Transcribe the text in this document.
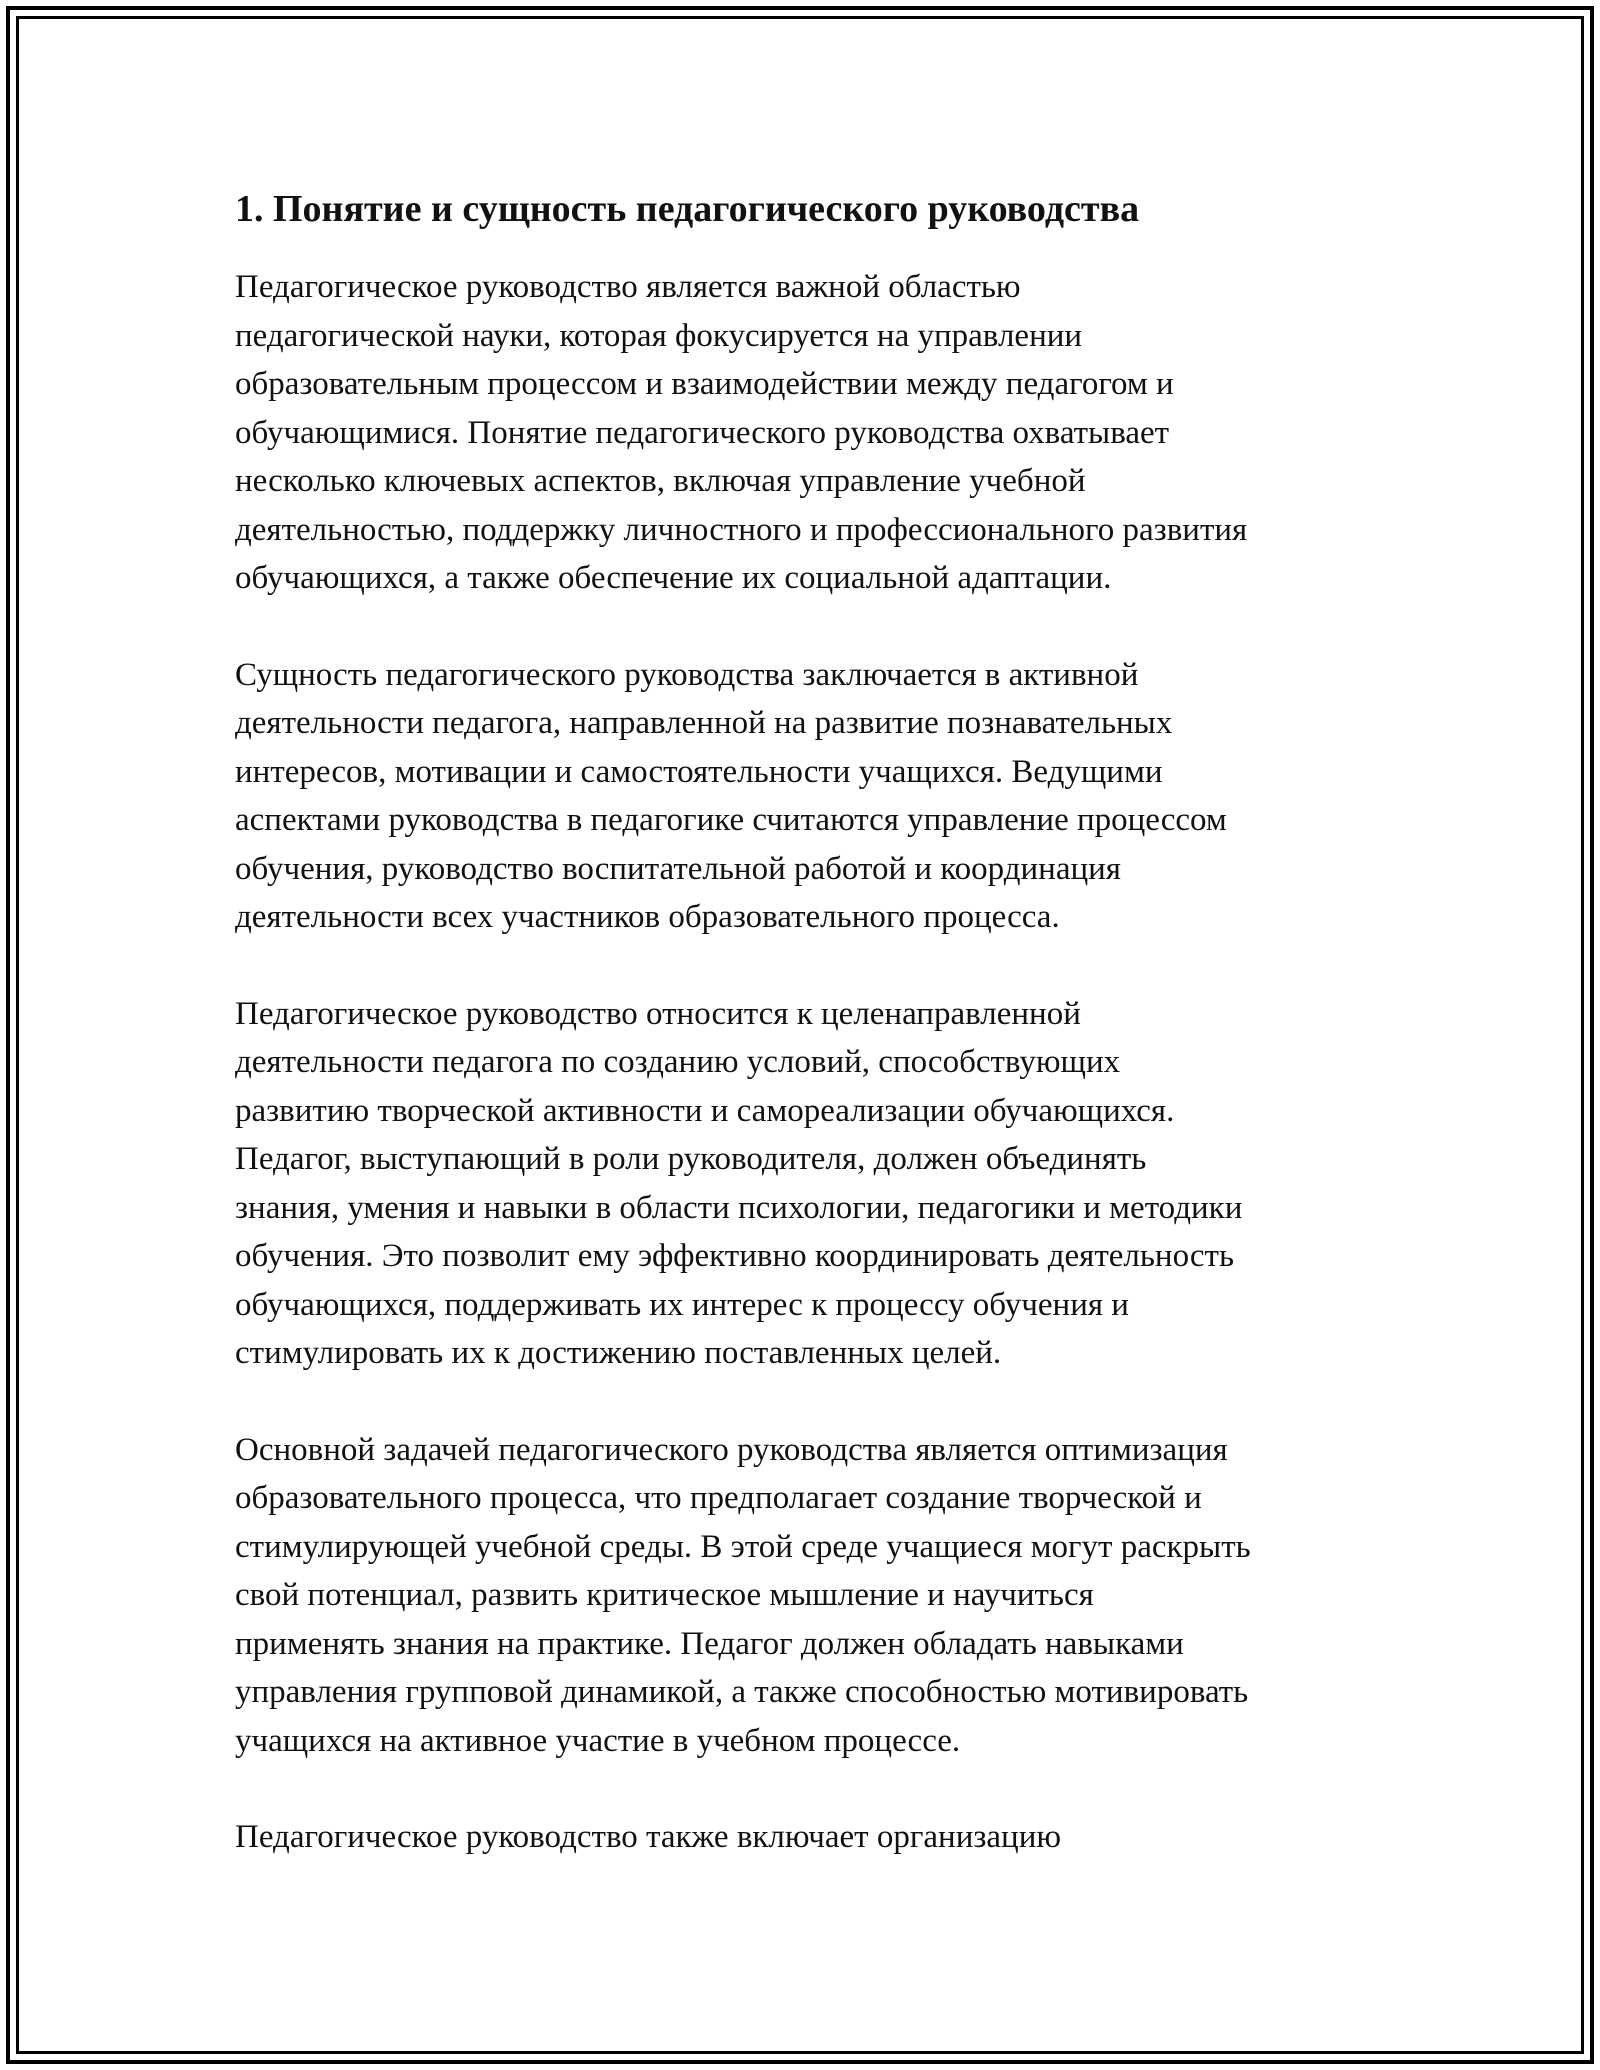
1. Понятие и сущность педагогического руководства

Педагогическое руководство является важной областью
педагогической науки, которая фокусируется на управлении
образовательным процессом и взаимодействии между педагогом и
обучающимися. Понятие педагогического руководства охватывает
несколько ключевых аспектов, включая управление учебной
деятельностью, поддержку личностного и профессионального развития
обучающихся, а также обеспечение их социальной адаптации.

Сущность педагогического руководства заключается в активной
деятельности педагога, направленной на развитие познавательных
интересов, мотивации и самостоятельности учащихся. Ведущими
аспектами руководства в педагогике считаются управление процессом
обучения, руководство воспитательной работой и координация
деятельности всех участников образовательного процесса.

Педагогическое руководство относится к целенаправленной
деятельности педагога по созданию условий, способствующих
развитию творческой активности и самореализации обучающихся.
Педагог, выступающий в роли руководителя, должен объединять
знания, умения и навыки в области психологии, педагогики и методики
обучения. Это позволит ему эффективно координировать деятельность
обучающихся, поддерживать их интерес к процессу обучения и
стимулировать их к достижению поставленных целей.

Основной задачей педагогического руководства является оптимизация
образовательного процесса, что предполагает создание творческой и
стимулирующей учебной среды. В этой среде учащиеся могут раскрыть
свой потенциал, развить критическое мышление и научиться
применять знания на практике. Педагог должен обладать навыками
управления групповой динамикой, а также способностью мотивировать
учащихся на активное участие в учебном процессе.

Педагогическое руководство также включает организацию
